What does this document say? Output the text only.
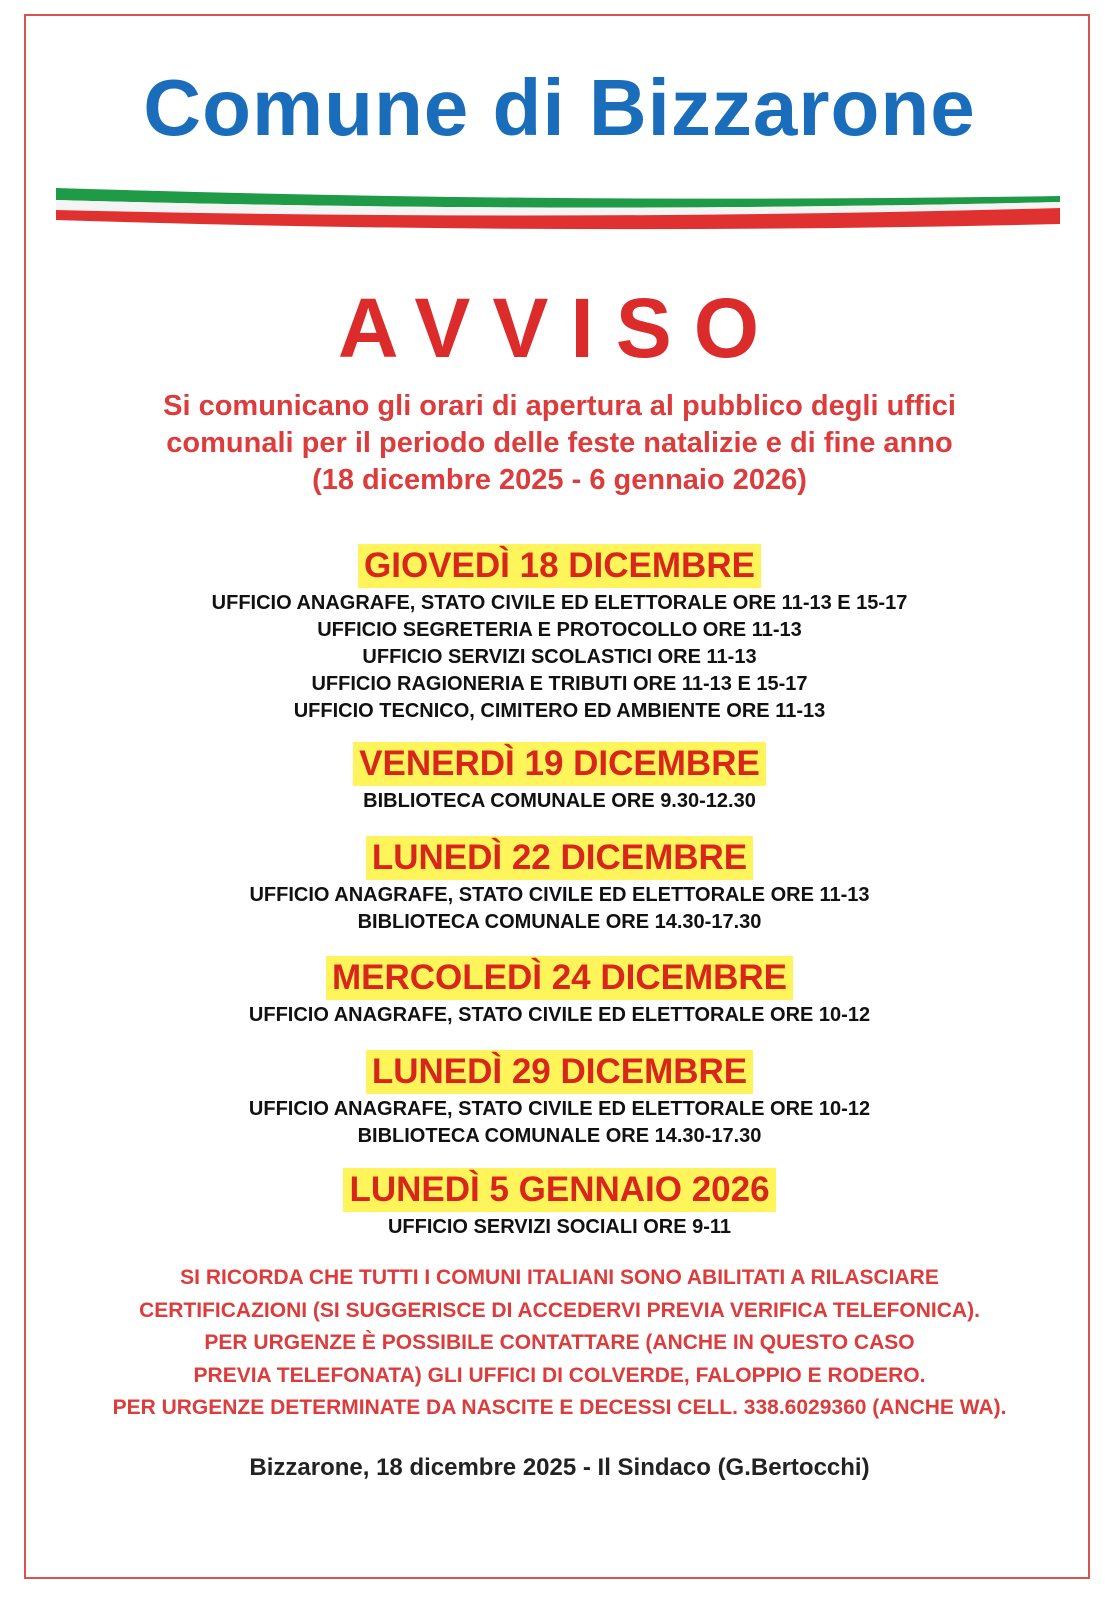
Comune di Bizzarone
AVVISO

Si comunicano gli orari di apertura al pubblico degli uffici

comunali per il periodo delle feste natalizie e di fine anno

(18 dicembre 2025 - 6 gennaio 2026)

GIOVEDÌ 18 DICEMBRE
UFFICIO ANAGRAFE, STATO CIVILE ED ELETTORALE ORE 11-13 E 15-17
UFFICIO SEGRETERIA E PROTOCOLLO ORE 11-13
UFFICIO SERVIZI SCOLASTICI ORE 11-13
UFFICIO RAGIONERIA E TRIBUTI ORE 11-13 E 15-17
UFFICIO TECNICO, CIMITERO ED AMBIENTE ORE 11-13
VENERDÌ 19 DICEMBRE
BIBLIOTECA COMUNALE ORE 9.30-12.30
LUNEDÌ 22 DICEMBRE
UFFICIO ANAGRAFE, STATO CIVILE ED ELETTORALE ORE 11-13
BIBLIOTECA COMUNALE ORE 14.30-17.30
MERCOLEDÌ 24 DICEMBRE
UFFICIO ANAGRAFE, STATO CIVILE ED ELETTORALE ORE 10-12
LUNEDÌ 29 DICEMBRE
UFFICIO ANAGRAFE, STATO CIVILE ED ELETTORALE ORE 10-12
BIBLIOTECA COMUNALE ORE 14.30-17.30
LUNEDÌ 5 GENNAIO 2026
UFFICIO SERVIZI SOCIALI ORE 9-11
SI RICORDA CHE TUTTI I COMUNI ITALIANI SONO ABILITATI A RILASCIARE
CERTIFICAZIONI (SI SUGGERISCE DI ACCEDERVI PREVIA VERIFICA TELEFONICA).
PER URGENZE È POSSIBILE CONTATTARE (ANCHE IN QUESTO CASO
PREVIA TELEFONATA) GLI UFFICI DI COLVERDE, FALOPPIO E RODERO.
PER URGENZE DETERMINATE DA NASCITE E DECESSI CELL. 338.6029360 (ANCHE WA).
Bizzarone, 18 dicembre 2025 - Il Sindaco (G.Bertocchi)
